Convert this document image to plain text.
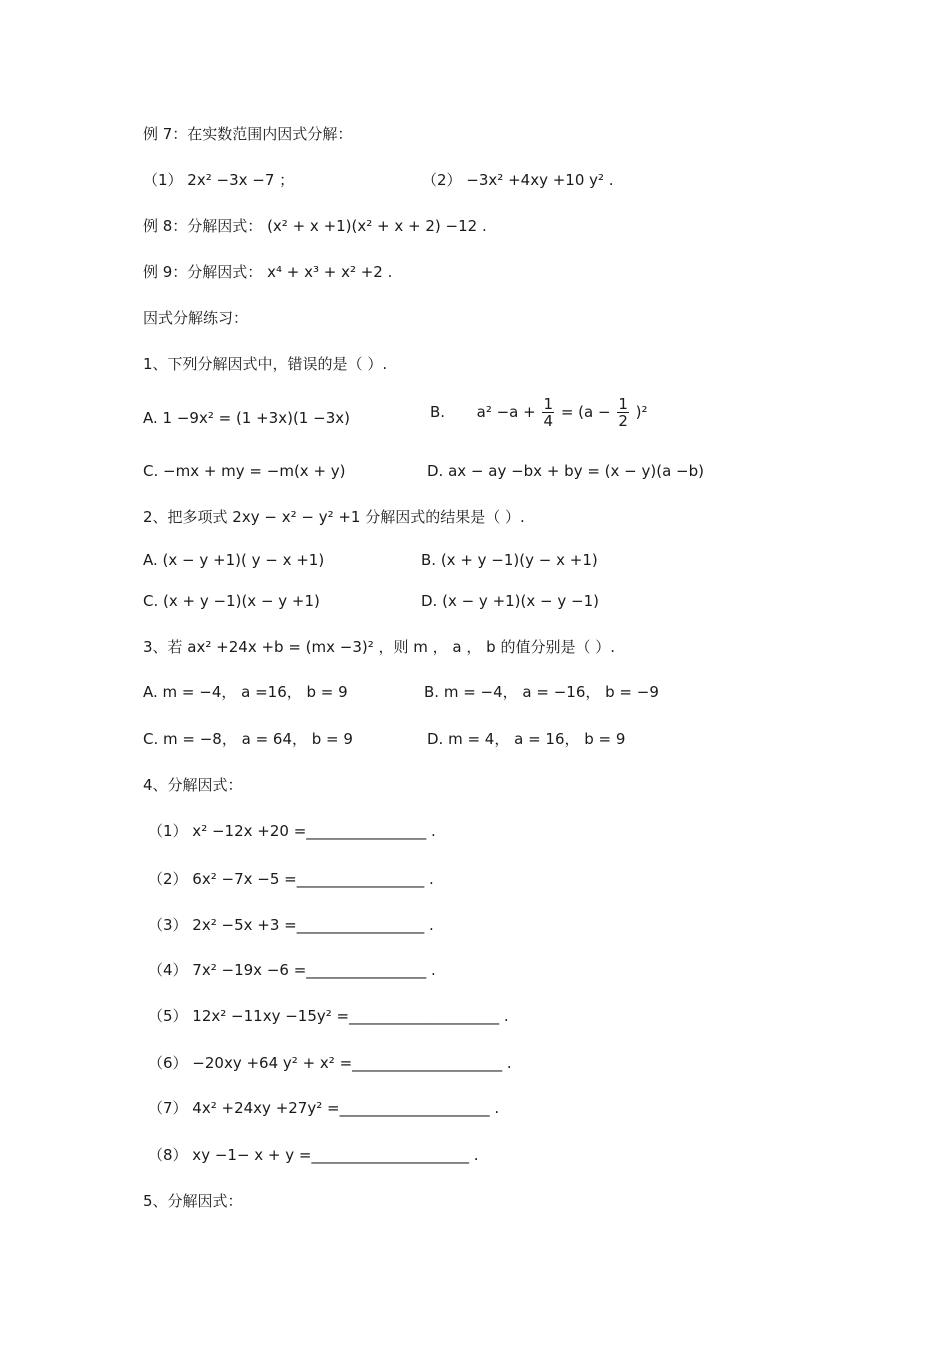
例 7：在实数范围内因式分解：
（1） 2x² −3x −7 ；	（2） −3x² +4xy +10 y² .
例 8：分解因式： (x² + x +1)(x² + x + 2) −12 .
例 9：分解因式： x⁴ + x³ + x² +2 .
因式分解练习：
1、下列分解因式中，错误的是（ ）.
A. 1 −9x² = (1 +3x)(1 −3x)	B. $a^2 -a + \frac{1}{4} = (a - \frac{1}{2} )^2$
C. −mx + my = −m(x + y)	D. ax − ay −bx + by = (x − y)(a −b)
2、把多项式 2xy − x² − y² +1 分解因式的结果是（ ）.
A. (x − y +1)( y − x +1)	B. (x + y −1)(y − x +1)
C. (x + y −1)(x − y +1)	D. (x − y +1)(x − y −1)
3、若 ax² +24x +b = (mx −3)² ，则 m ， a ， b 的值分别是（ ）.
A. m = −4， a =16， b = 9	B. m = −4， a = −16， b = −9
C. m = −8， a = 64， b = 9	D. m = 4， a = 16， b = 9
4、分解因式：
（1） x² −12x +20 =________________ .
（2） 6x² −7x −5 =_________________ .
（3） 2x² −5x +3 =_________________ .
（4） 7x² −19x −6 =________________ .
（5） 12x² −11xy −15y² =____________________ .
（6） −20xy +64 y² + x² =____________________ .
（7） 4x² +24xy +27y² =____________________ .
（8） xy −1− x + y =_____________________ .
5、分解因式：
